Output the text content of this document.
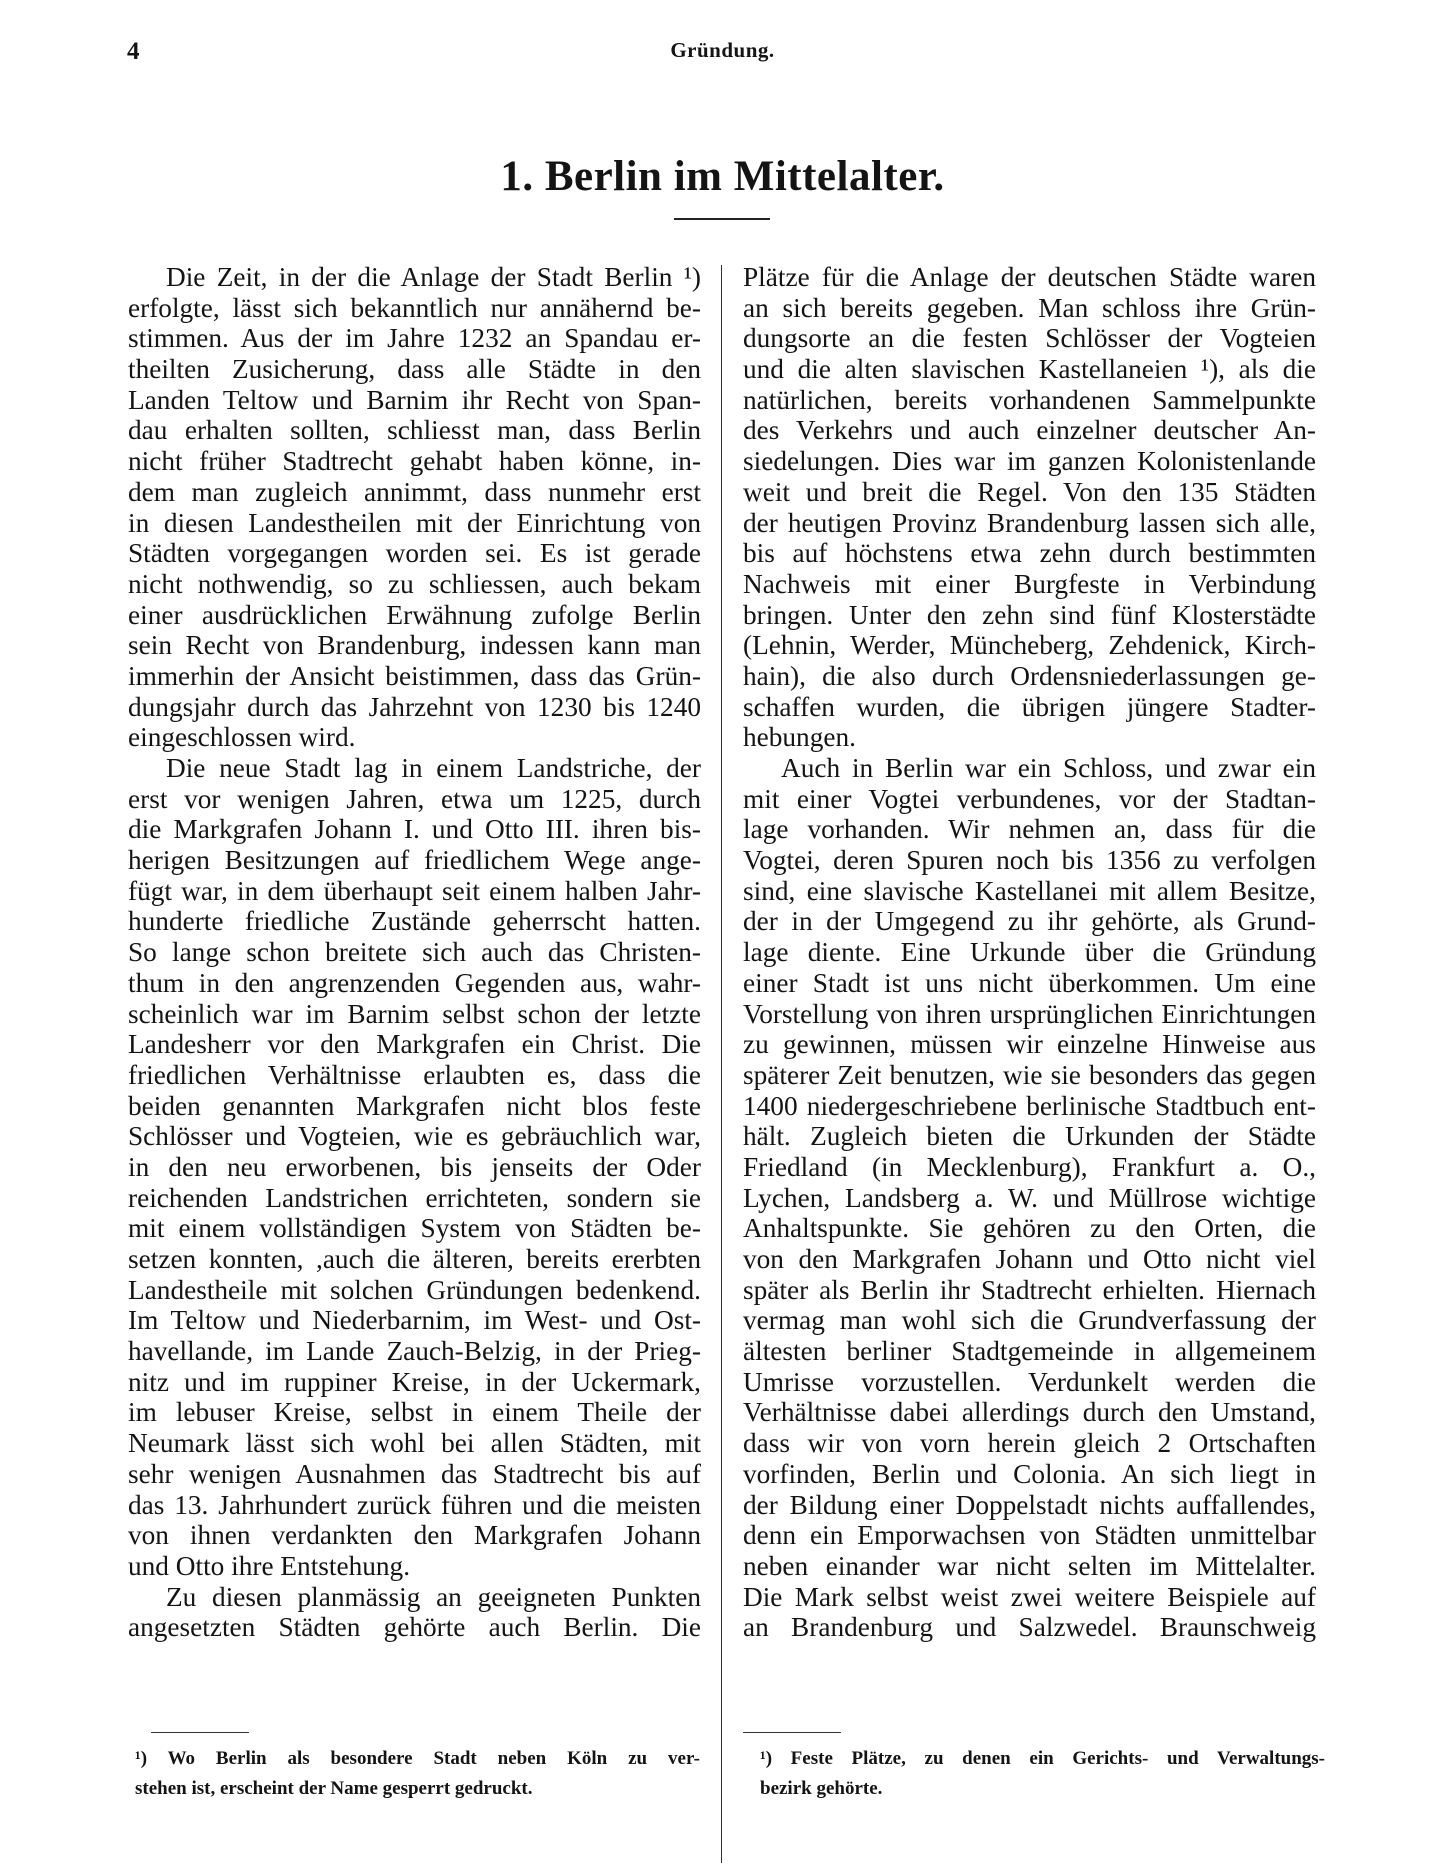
4	Gründung.
1. Berlin im Mittelalter.

Die Zeit, in der die Anlage der Stadt Berlin ¹)
erfolgte, lässt sich bekanntlich nur annähernd be-
stimmen. Aus der im Jahre 1232 an Spandau er-
theilten Zusicherung, dass alle Städte in den
Landen Teltow und Barnim ihr Recht von Span-
dau erhalten sollten, schliesst man, dass Berlin
nicht früher Stadtrecht gehabt haben könne, in-
dem man zugleich annimmt, dass nunmehr erst
in diesen Landestheilen mit der Einrichtung von
Städten vorgegangen worden sei. Es ist gerade
nicht nothwendig, so zu schliessen, auch bekam
einer ausdrücklichen Erwähnung zufolge Berlin
sein Recht von Brandenburg, indessen kann man
immerhin der Ansicht beistimmen, dass das Grün-
dungsjahr durch das Jahrzehnt von 1230 bis 1240
eingeschlossen wird.

Die neue Stadt lag in einem Landstriche, der
erst vor wenigen Jahren, etwa um 1225, durch
die Markgrafen Johann I. und Otto III. ihren bis-
herigen Besitzungen auf friedlichem Wege ange-
fügt war, in dem überhaupt seit einem halben Jahr-
hunderte friedliche Zustände geherrscht hatten.
So lange schon breitete sich auch das Christen-
thum in den angrenzenden Gegenden aus, wahr-
scheinlich war im Barnim selbst schon der letzte
Landesherr vor den Markgrafen ein Christ. Die
friedlichen Verhältnisse erlaubten es, dass die
beiden genannten Markgrafen nicht blos feste
Schlösser und Vogteien, wie es gebräuchlich war,
in den neu erworbenen, bis jenseits der Oder
reichenden Landstrichen errichteten, sondern sie
mit einem vollständigen System von Städten be-
setzen konnten, ,auch die älteren, bereits ererbten
Landestheile mit solchen Gründungen bedenkend.
Im Teltow und Niederbarnim, im West- und Ost-
havellande, im Lande Zauch-Belzig, in der Prieg-
nitz und im ruppiner Kreise, in der Uckermark,
im lebuser Kreise, selbst in einem Theile der
Neumark lässt sich wohl bei allen Städten, mit
sehr wenigen Ausnahmen das Stadtrecht bis auf
das 13. Jahrhundert zurück führen und die meisten
von ihnen verdankten den Markgrafen Johann
und Otto ihre Entstehung.

Zu diesen planmässig an geeigneten Punkten
angesetzten Städten gehörte auch Berlin. Die

Plätze für die Anlage der deutschen Städte waren
an sich bereits gegeben. Man schloss ihre Grün-
dungsorte an die festen Schlösser der Vogteien
und die alten slavischen Kastellaneien ¹), als die
natürlichen, bereits vorhandenen Sammelpunkte
des Verkehrs und auch einzelner deutscher An-
siedelungen. Dies war im ganzen Kolonistenlande
weit und breit die Regel. Von den 135 Städten
der heutigen Provinz Brandenburg lassen sich alle,
bis auf höchstens etwa zehn durch bestimmten
Nachweis mit einer Burgfeste in Verbindung
bringen. Unter den zehn sind fünf Klosterstädte
(Lehnin, Werder, Müncheberg, Zehdenick, Kirch-
hain), die also durch Ordensniederlassungen ge-
schaffen wurden, die übrigen jüngere Stadter-
hebungen.

Auch in Berlin war ein Schloss, und zwar ein
mit einer Vogtei verbundenes, vor der Stadtan-
lage vorhanden. Wir nehmen an, dass für die
Vogtei, deren Spuren noch bis 1356 zu verfolgen
sind, eine slavische Kastellanei mit allem Besitze,
der in der Umgegend zu ihr gehörte, als Grund-
lage diente. Eine Urkunde über die Gründung
einer Stadt ist uns nicht überkommen. Um eine
Vorstellung von ihren ursprünglichen Einrichtungen
zu gewinnen, müssen wir einzelne Hinweise aus
späterer Zeit benutzen, wie sie besonders das gegen
1400 niedergeschriebene berlinische Stadtbuch ent-
hält. Zugleich bieten die Urkunden der Städte
Friedland (in Mecklenburg), Frankfurt a. O.,
Lychen, Landsberg a. W. und Müllrose wichtige
Anhaltspunkte. Sie gehören zu den Orten, die
von den Markgrafen Johann und Otto nicht viel
später als Berlin ihr Stadtrecht erhielten. Hiernach
vermag man wohl sich die Grundverfassung der
ältesten berliner Stadtgemeinde in allgemeinem
Umrisse vorzustellen. Verdunkelt werden die
Verhältnisse dabei allerdings durch den Umstand,
dass wir von vorn herein gleich 2 Ortschaften
vorfinden, Berlin und Colonia. An sich liegt in
der Bildung einer Doppelstadt nichts auffallendes,
denn ein Emporwachsen von Städten unmittelbar
neben einander war nicht selten im Mittelalter.
Die Mark selbst weist zwei weitere Beispiele auf
an Brandenburg und Salzwedel. Braunschweig

¹) Wo Berlin als besondere Stadt neben Köln zu ver-
stehen ist, erscheint der Name gesperrt gedruckt.
¹) Feste Plätze, zu denen ein Gerichts- und Verwaltungs-
bezirk gehörte.
